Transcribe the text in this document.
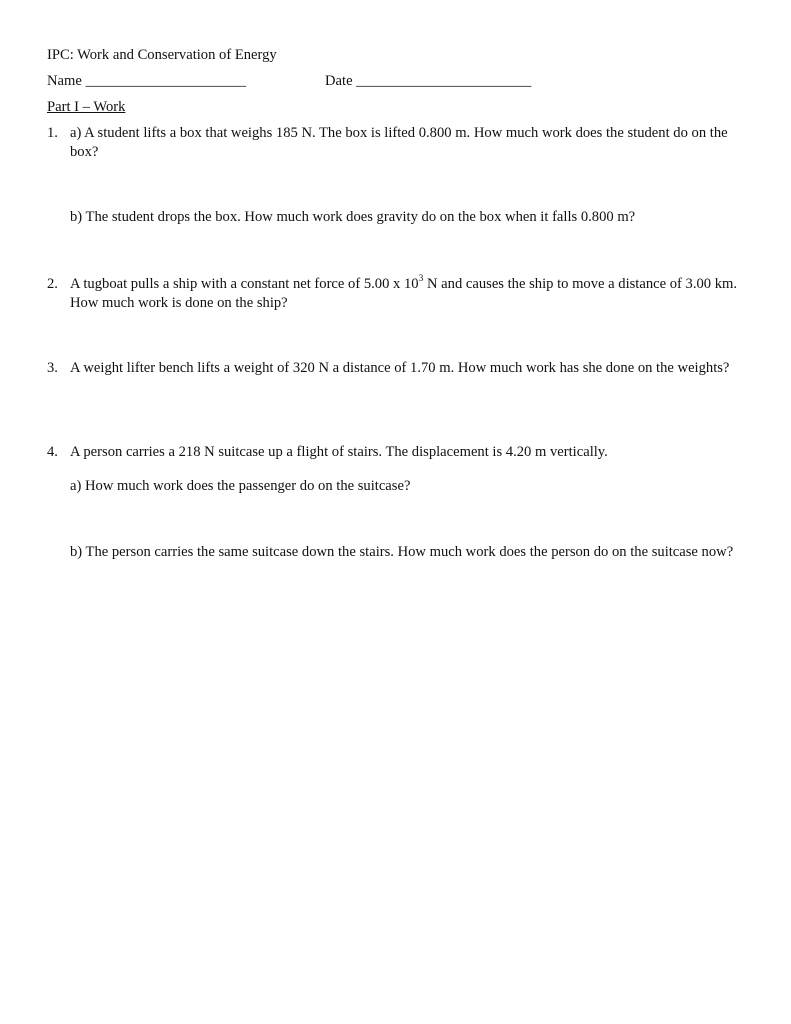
IPC: Work and Conservation of Energy
Name ______________________	Date ________________________
Part I – Work
1. a) A student lifts a box that weighs 185 N. The box is lifted 0.800 m. How much work does the student do on the box?
b) The student drops the box. How much work does gravity do on the box when it falls 0.800 m?
2. A tugboat pulls a ship with a constant net force of 5.00 x $10^3$ N and causes the ship to move a distance of 3.00 km. How much work is done on the ship?
3. A weight lifter bench lifts a weight of 320 N a distance of 1.70 m. How much work has she done on the weights?
4. A person carries a 218 N suitcase up a flight of stairs. The displacement is 4.20 m vertically.
a) How much work does the passenger do on the suitcase?
b) The person carries the same suitcase down the stairs. How much work does the person do on the suitcase now?
